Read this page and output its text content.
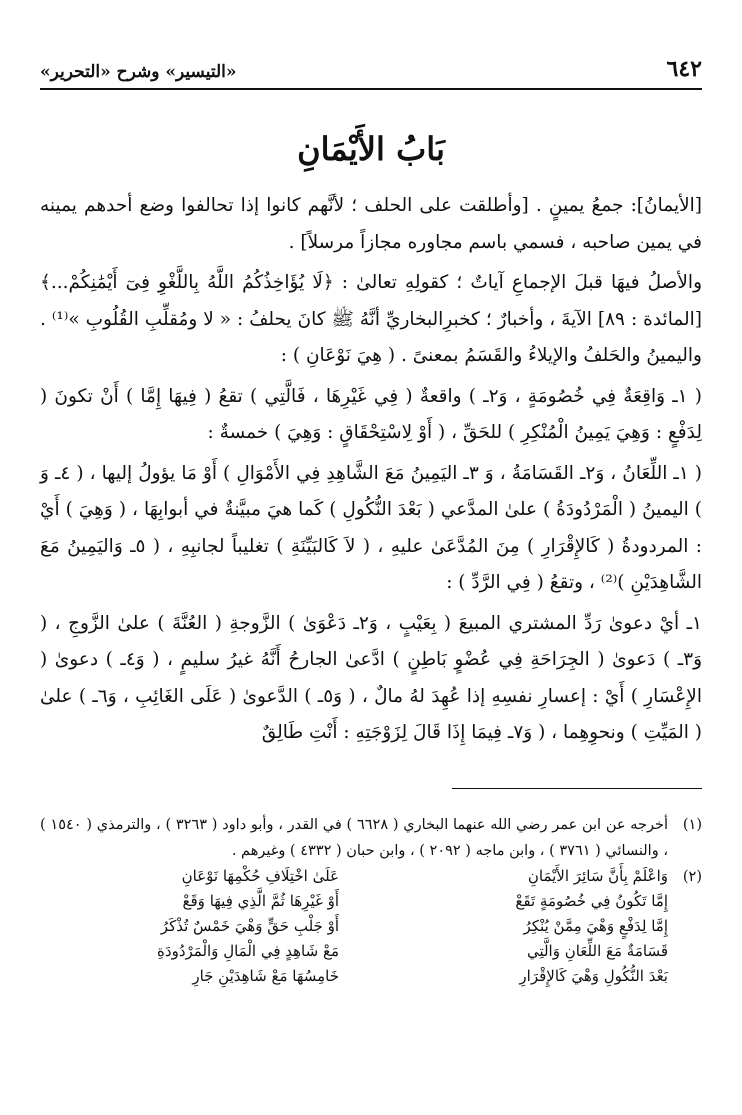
٦٤٢
«التيسير» وشرح «التحرير»
بَابُ الأَيْمَانِ

[الأيمانُ]: جمعُ يمينٍ . [وأطلقت على الحلف ؛ لأنَّهم كانوا إذا تحالفوا وضع أحدهم يمينه في يمين صاحبه ، فسمي باسم مجاوره مجازاً مرسلاً] .

والأصلُ فيهَا قبلَ الإجماعِ آياتٌ ؛ كقولِهِ تعالىٰ : ﴿لَا يُؤَاخِذُكُمُ اللَّهُ بِاللَّغْوِ فِىٓ أَيْمَٰنِكُمْ...﴾ [المائدة : ٨٩] الآيةَ ، وأخبارٌ ؛ كخبرِالبخاريِّ أنَّهُ ﷺ كانَ يحلفُ : « لا ومُقلِّبِ القُلُوبِ »⁽¹⁾ . واليمينُ والحَلفُ والإيلاءُ والقَسَمُ بمعنىً . ( هِيَ نَوْعَانِ ) :

( ١ـ وَاقِعَةٌ فِي خُصُومَةٍ ، وَ٢ـ ) واقعةٌ ( فِي غَيْرِهَا ، فَالَّتِي ) تقعُ ( فِيهَا إِمَّا ) أَنْ تكونَ ( لِدَفْعٍ : وَهِيَ يَمِينُ الْمُنْكِرِ ) للحَقِّ ، ( أَوْ لِاسْتِحْقَاقٍ : وَهِيَ ) خمسةٌ :

( ١ـ اللِّعَانُ ، وَ٢ـ القَسَامَةُ ، وَ ٣ـ اليَمِينُ مَعَ الشَّاهِدِ فِي الأَمْوَالِ ) أَوْ مَا يؤولُ إليها ، ( ٤ـ وَ ) اليمينُ ( الْمَرْدُودَةُ ) علىٰ المدَّعي ( بَعْدَ النُّكُولِ ) كَما هيَ مبيَّنةٌ في أبوابِهَا ، ( وَهِيَ ) أَيْ : المردودةُ ( كَالإِقْرَارِ ) مِنَ المُدَّعَىٰ عليهِ ، ( لاَ كَالبَيِّنَةِ ) تغليباً لجانبِهِ ، ( ٥ـ وَاليَمِينُ مَعَ الشَّاهِدَيْنِ )⁽²⁾ ، وتقعُ ( فِي الرَّدِّ ) :

١ـ أيْ دعوىٰ رَدِّ المشتري المبيعَ ( بِعَيْبٍ ، وَ٢ـ دَعْوَىٰ ) الزَّوجةِ ( العُنَّةَ ) علىٰ الزَّوجِ ، ( وَ٣ـ ) دَعوىٰ ( الجِرَاحَةِ فِي عُضْوٍ بَاطِنٍ ) ادَّعىٰ الجارحُ أَنَّهُ غيرُ سليمٍ ، ( وَ٤ـ ) دعوىٰ ( الإِعْسَارِ ) أَيْ : إعسارِ نفسِهِ إذا عُهِدَ لهُ مالٌ ، ( وَ٥ـ ) الدَّعوىٰ ( عَلَى الغَائِبِ ، وَ٦ـ ) علىٰ ( المَيِّتِ ) ونحوِهِما ، ( وَ٧ـ فِيمَا إِذَا قَالَ لِزَوْجَتِهِ : أَنْتِ طَالِقٌ

(١)
أخرجه عن ابن عمر رضي الله عنهما البخاري ( ٦٦٢٨ ) في القدر ، وأبو داود ( ٣٢٦٣ ) ، والترمذي ( ١٥٤٠ ) ، والنسائي ( ٣٧٦١ ) ، وابن ماجه ( ٢٠٩٢ ) ، وابن حبان ( ٤٣٣٢ ) وغيرهم .
(٢)
وَاعْلَمْ بِأَنَّ سَائِرَ الأَيْمَانِ
عَلَىٰ اخْتِلَافِ حُكْمِهَا نَوْعَانِ
إِمَّا تَكُونُ فِي خُصُومَةٍ تَقَعْ
أَوْ غَيْرِهَا ثُمَّ الَّذِي فِيهَا وَقَعْ
إِمَّا لِدَفْعٍ وَهْيَ مِمَّنْ يُنْكِرُ
أَوْ جَلْبِ حَقٍّ وَهْيَ خَمْسٌ تُذْكَرُ
قَسَامَةٌ مَعَ اللِّعَانِ وَالَّتِي
مَعْ شَاهِدٍ فِي الْمَالِ وَالْمَرْدُودَةِ
بَعْدَ النُّكُولِ وَهْيَ كَالإِقْرَارِ
خَامِسُهَا مَعْ شَاهِدَيْنِ جَارِ
